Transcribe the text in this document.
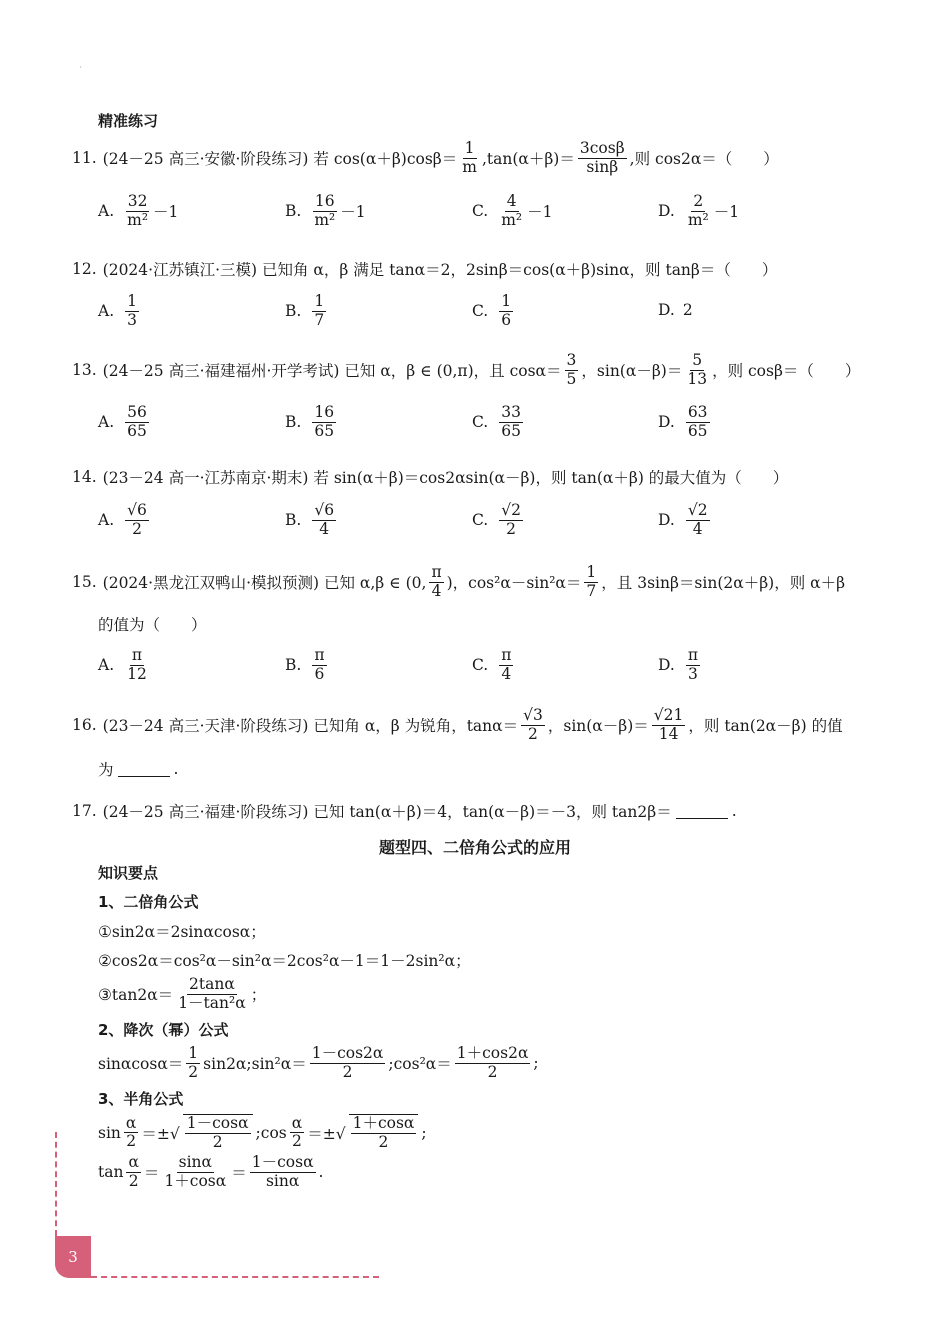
'
精准练习
11. (24－25 高三·安徽·阶段练习) 若 $\cos(\alpha+\beta)\cos\beta= \frac{1}{m} ,\tan(\alpha+\beta)= \frac{3\cos\beta}{\sin\beta}$ ,则 cos2α＝（　　）
A. $\frac{32}{\text{m²}} -1$	B. $\frac{16}{\text{m²}} -1$	C. $\frac{4}{\text{m²}} -1$	D. $\frac{2}{\text{m²}} -1$
12. (2024·江苏镇江·三模) 已知角 α，β 满足 tanα＝2，2sinβ＝cos(α＋β)sinα，则 tanβ＝（　　）
A. $\frac{1}{3}$	B. $\frac{1}{7}$	C. $\frac{1}{6}$	D. 2
13. (24－25 高三·福建福州·开学考试) 已知 α，β ∈ (0,π)，且 $\cos\alpha= \frac{3}{5}$ ，$\sin(\alpha-\beta)= \frac{5}{13}$ ，则 cosβ＝（　　）
A. $\frac{56}{65}$	B. $\frac{16}{65}$	C. $\frac{33}{65}$	D. $\frac{63}{65}$
14. (23－24 高一·江苏南京·期末) 若 sin(α＋β)＝cos2αsin(α－β)，则 tan(α＋β) 的最大值为（　　）
A. $\frac{√6}{2}$	B. $\frac{√6}{4}$	C. $\frac{√2}{2}$	D. $\frac{√2}{4}$
15. (2024·黑龙江双鸭山·模拟预测) 已知 α,β ∈ (0, $\frac{\pi}{4}$ )，$\cos^2\alpha-\sin^2\alpha= \frac{1}{7}$ ，且 3sinβ＝sin(2α＋β)，则 α＋β
的值为（　　）
A. $\frac{\pi}{12}$	B. $\frac{\pi}{6}$	C. $\frac{\pi}{4}$	D. $\frac{\pi}{3}$
16. (23－24 高三·天津·阶段练习) 已知角 α，β 为锐角，$\tan\alpha= \frac{√3}{2}$ ，$\sin(\alpha-\beta)= \frac{√21}{14}$ ，则 tan(2α－β) 的值
为	.
17. (24－25 高三·福建·阶段练习) 已知 tan(α＋β)＝4，tan(α－β)＝－3，则 tan2β＝	.
题型四、二倍角公式的应用
知识要点
1、二倍角公式
①sin2α＝2sinαcosα；
②cos2α＝cos²α－sin²α＝2cos²α－1＝1－2sin²α；
③tan2α＝ $\frac{2\tan\alpha}{\text{1－tan²α}}$ ；
2、降次（幂）公式
$\sin\alpha\cos\alpha= \frac{1}{2}$ sin2α;sin²α＝ $\frac{1-\cos 2\alpha}{2}$ ;cos²α＝ $\frac{1+\cos 2\alpha}{2}$ ;
3、半角公式
$\sin \frac{\alpha}{2}$ ＝±√ $\frac{1-\cos\alpha}{2}$ ;cos $\frac{\alpha}{2}$ ＝±√ $\frac{1+\cos\alpha}{2}$ ;
$\tan \frac{\alpha}{2} = \frac{\sin\alpha}{1+\cos\alpha} = \frac{1-\cos\alpha}{\sin\alpha}$ .
3
